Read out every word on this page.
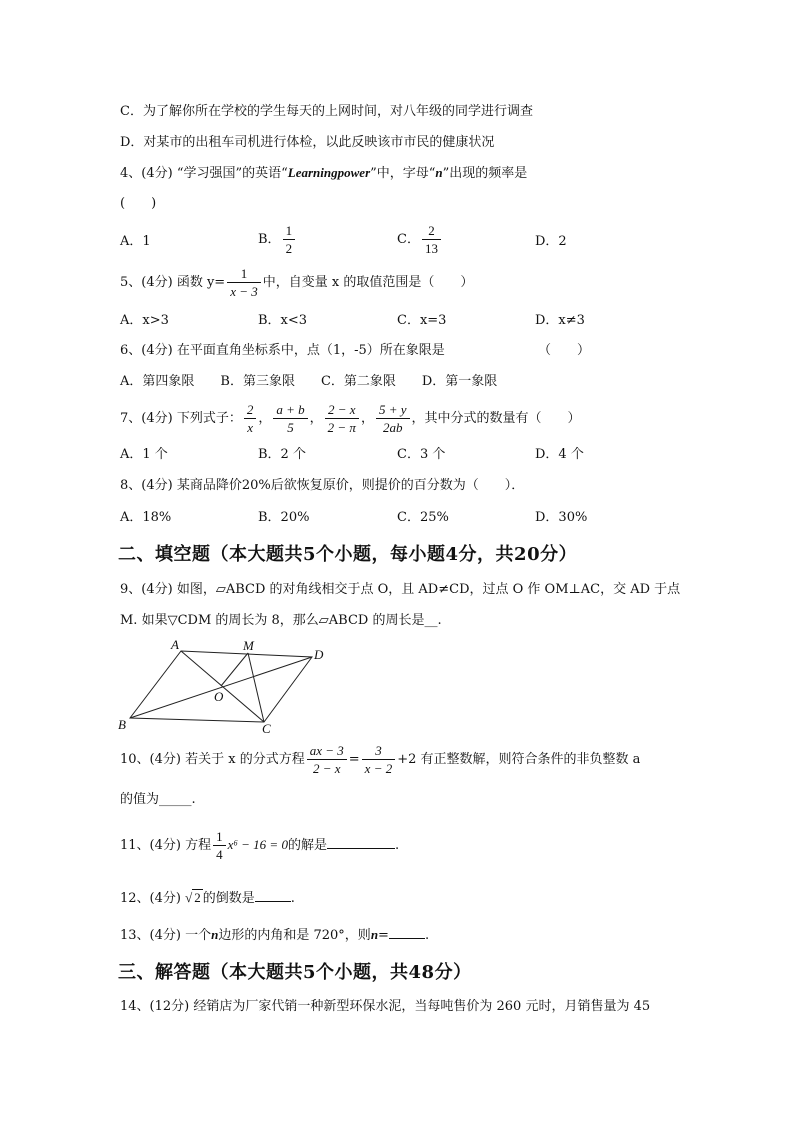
C．为了解你所在学校的学生每天的上网时间，对八年级的同学进行调查
D．对某市的出租车司机进行体检，以此反映该市市民的健康状况
4、(4分) “学习强国”的英语“Learningpower”中，字母“n”出现的频率是
(　　)
A．1	B． $\frac{1}{2}$	C． $\frac{2}{13}$	D．2
5、(4分) 函数 $y= \frac{1}{x - 3}$ 中，自变量 x 的取值范围是（　　）
A．x>3	B．x<3	C．x=3	D．x≠3
6、(4分) 在平面直角坐标系中，点（1，-5）所在象限是	（　　）
A．第四象限　　B．第三象限　　C．第二象限　　D．第一象限
7、(4分) 下列式子： $\frac{2}{x}$ ， $\frac{a + b}{5}$ ， $\frac{2 - x}{2 - \pi}$ ， $\frac{5 + y}{2ab}$ ，其中分式的数量有（　　）
A．1 个	B．2 个	C．3 个	D．4 个
8、(4分) 某商品降价20%后欲恢复原价，则提价的百分数为（　　）．
A．18%	B．20%	C．25%	D．30%
二、填空题（本大题共5个小题，每小题4分，共20分）
9、(4分) 如图，▱ABCD 的对角线相交于点 O，且 AD≠CD，过点 O 作 OM⊥AC，交 AD 于点
M. 如果▽CDM 的周长为 8，那么▱ABCD 的周长是__.
A	M
D
O
B	C
10、(4分) 若关于 x 的分式方程 $\frac{ax - 3}{2 - x} = \frac{3}{x - 2} +2$ 有正整数解，则符合条件的非负整数 a
的值为_____.
11、(4分) 方程 $\frac{1}{4} x^6 - 16 = 0$的解是	.
12、(4分) √ 2 的倒数是	.
13、(4分) 一个n边形的内角和是 720°，则n=	.
三、解答题（本大题共5个小题，共48分）
14、(12分) 经销店为厂家代销一种新型环保水泥，当每吨售价为 260 元时，月销售量为 45
